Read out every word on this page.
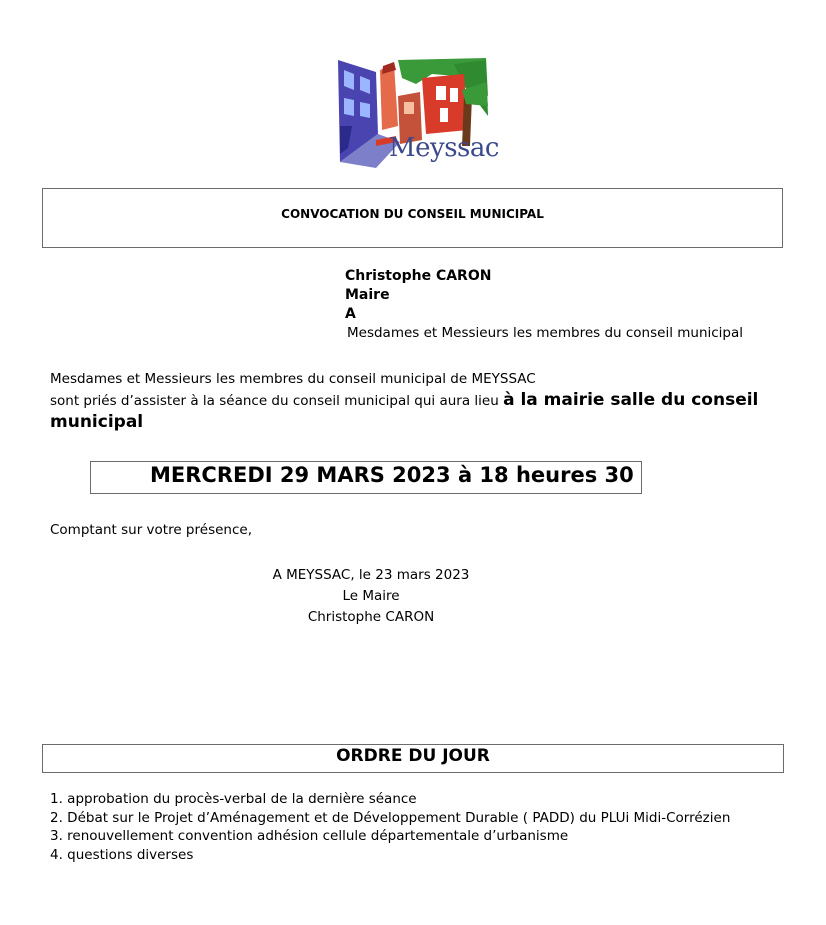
Meyssac
CONVOCATION DU CONSEIL MUNICIPAL
Christophe CARON
Maire
A
Mesdames et Messieurs les membres du conseil municipal
Mesdames et Messieurs les membres du conseil municipal de MEYSSAC
sont priés d’assister à la séance du conseil municipal qui aura lieu à la mairie salle du conseil municipal
MERCREDI 29 MARS 2023 à 18 heures 30
Comptant sur votre présence,
A MEYSSAC, le 23 mars 2023
Le Maire
Christophe CARON
ORDRE DU JOUR
1. approbation du procès-verbal de la dernière séance
2. Débat sur le Projet d’Aménagement et de Développement Durable ( PADD) du PLUi Midi-Corrézien
3. renouvellement convention adhésion cellule départementale d’urbanisme
4. questions diverses
